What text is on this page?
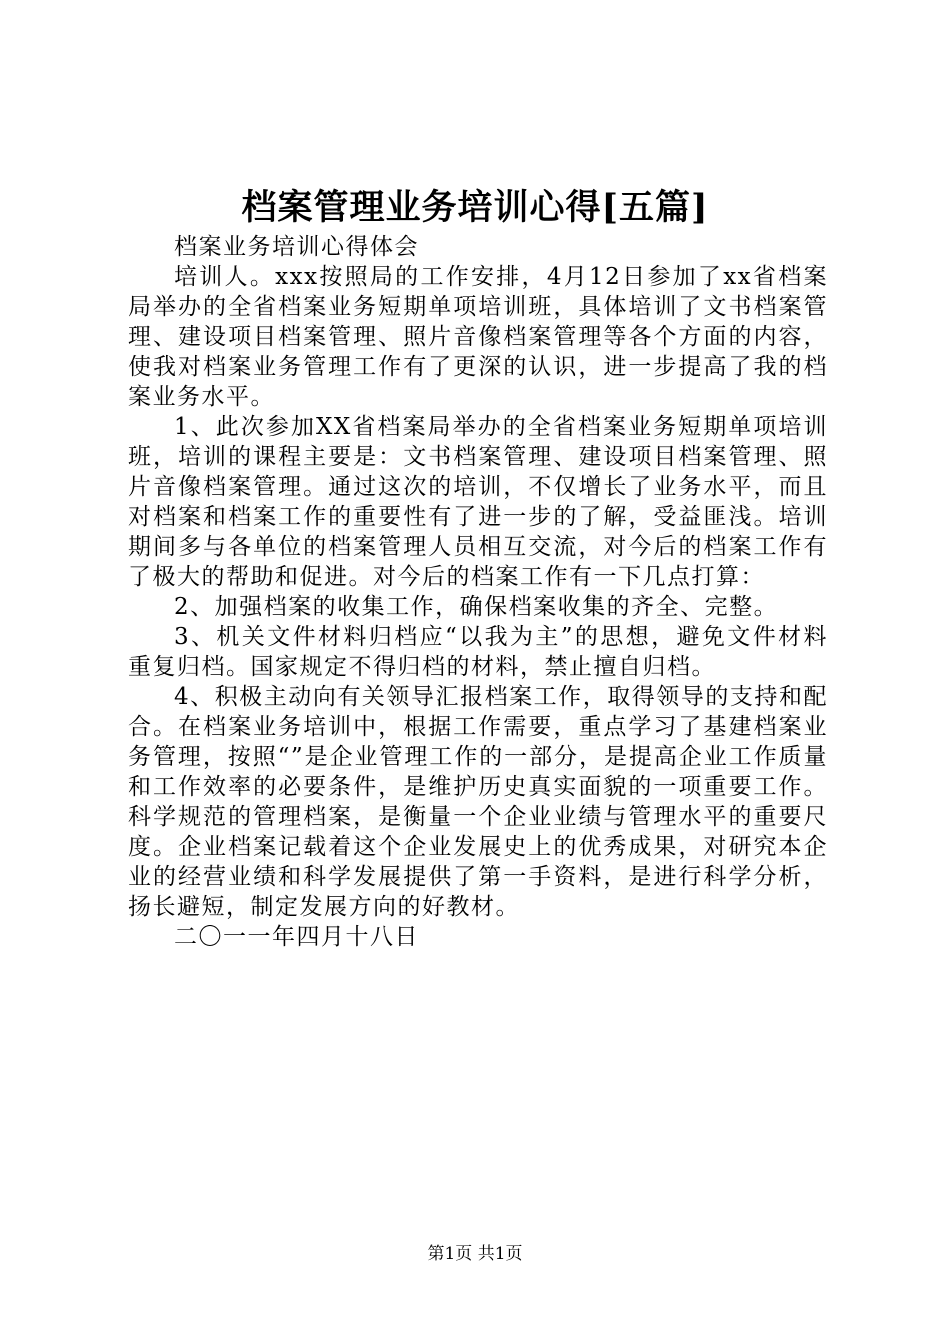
档案管理业务培训心得[五篇]

档案业务培训心得体会

培训人。xxx按照局的工作安排，4月12日参加了xx省档案局举办的全省档案业务短期单项培训班，具体培训了文书档案管理、建设项目档案管理、照片音像档案管理等各个方面的内容，使我对档案业务管理工作有了更深的认识，进一步提高了我的档案业务水平。

1、此次参加XX省档案局举办的全省档案业务短期单项培训班，培训的课程主要是：文书档案管理、建设项目档案管理、照片音像档案管理。通过这次的培训，不仅增长了业务水平，而且对档案和档案工作的重要性有了进一步的了解，受益匪浅。培训期间多与各单位的档案管理人员相互交流，对今后的档案工作有了极大的帮助和促进。对今后的档案工作有一下几点打算：

2、加强档案的收集工作，确保档案收集的齐全、完整。

3、机关文件材料归档应“以我为主”的思想，避免文件材料重复归档。国家规定不得归档的材料，禁止擅自归档。

4、积极主动向有关领导汇报档案工作，取得领导的支持和配合。在档案业务培训中，根据工作需要，重点学习了基建档案业务管理，按照“”是企业管理工作的一部分，是提高企业工作质量和工作效率的必要条件，是维护历史真实面貌的一项重要工作。科学规范的管理档案，是衡量一个企业业绩与管理水平的重要尺度。企业档案记载着这个企业发展史上的优秀成果，对研究本企业的经营业绩和科学发展提供了第一手资料，是进行科学分析，扬长避短，制定发展方向的好教材。

二〇一一年四月十八日

第1页 共1页
